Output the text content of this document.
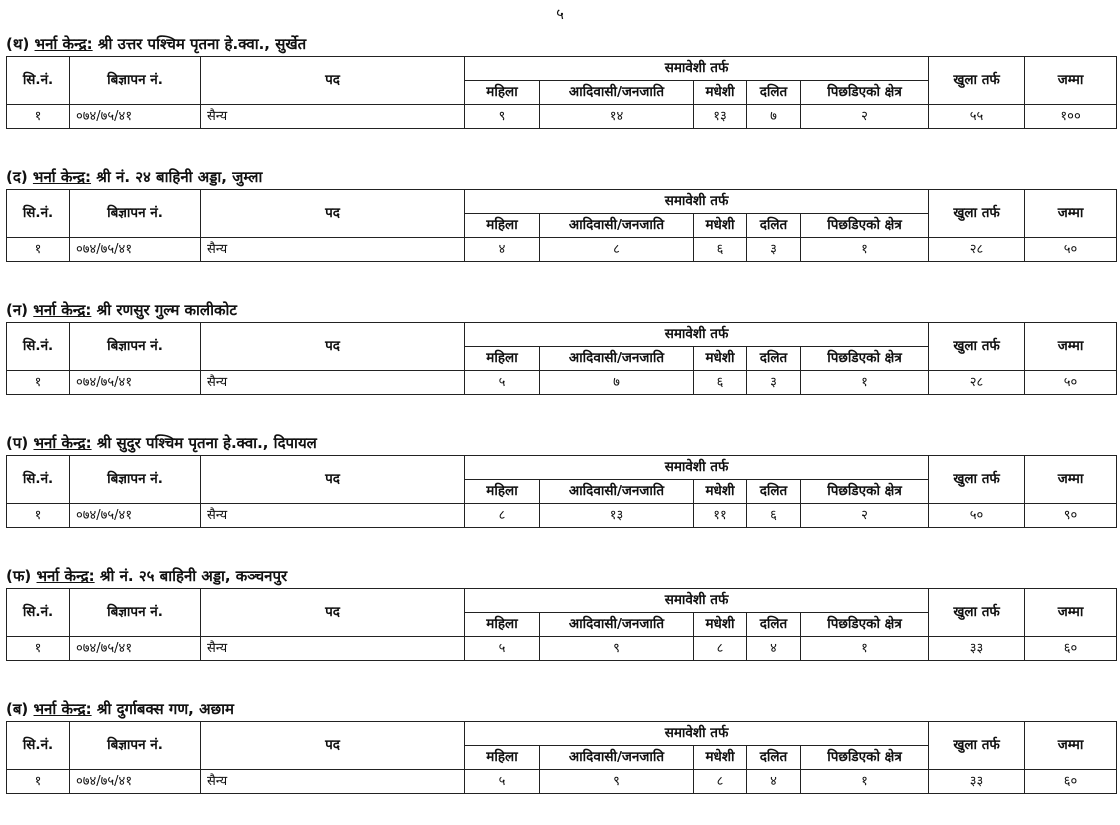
५
(थ) भर्ना केन्द्र: श्री उत्तर पश्चिम पृतना हे.क्वा., सुर्खेत
सि.नं.	बिज्ञापन नं.	पद	समावेशी तर्फ					खुला तर्फ	जम्मा
			महिला	आदिवासी/जनजाति	मधेशी	दलित	पिछडिएको क्षेत्र		
१	०७४/७५/४१	सैन्य	९	१४	१३	७	२	५५	१००
(द) भर्ना केन्द्र: श्री नं. २४ बाहिनी अड्डा, जुम्ला
सि.नं.	बिज्ञापन नं.	पद	समावेशी तर्फ					खुला तर्फ	जम्मा
			महिला	आदिवासी/जनजाति	मधेशी	दलित	पिछडिएको क्षेत्र		
१	०७४/७५/४१	सैन्य	४	८	६	३	१	२८	५०
(न) भर्ना केन्द्र: श्री रणसुर गुल्म कालीकोट
सि.नं.	बिज्ञापन नं.	पद	समावेशी तर्फ					खुला तर्फ	जम्मा
			महिला	आदिवासी/जनजाति	मधेशी	दलित	पिछडिएको क्षेत्र		
१	०७४/७५/४१	सैन्य	५	७	६	३	१	२८	५०
(प) भर्ना केन्द्र: श्री सुदुर पश्चिम पृतना हे.क्वा., दिपायल
सि.नं.	बिज्ञापन नं.	पद	समावेशी तर्फ					खुला तर्फ	जम्मा
			महिला	आदिवासी/जनजाति	मधेशी	दलित	पिछडिएको क्षेत्र		
१	०७४/७५/४१	सैन्य	८	१३	११	६	२	५०	९०
(फ) भर्ना केन्द्र: श्री नं. २५ बाहिनी अड्डा, कञ्चनपुर
सि.नं.	बिज्ञापन नं.	पद	समावेशी तर्फ					खुला तर्फ	जम्मा
			महिला	आदिवासी/जनजाति	मधेशी	दलित	पिछडिएको क्षेत्र		
१	०७४/७५/४१	सैन्य	५	९	८	४	१	३३	६०
(ब) भर्ना केन्द्र: श्री दुर्गाबक्स गण, अछाम
सि.नं.	बिज्ञापन नं.	पद	समावेशी तर्फ					खुला तर्फ	जम्मा
			महिला	आदिवासी/जनजाति	मधेशी	दलित	पिछडिएको क्षेत्र		
१	०७४/७५/४१	सैन्य	५	९	८	४	१	३३	६०
